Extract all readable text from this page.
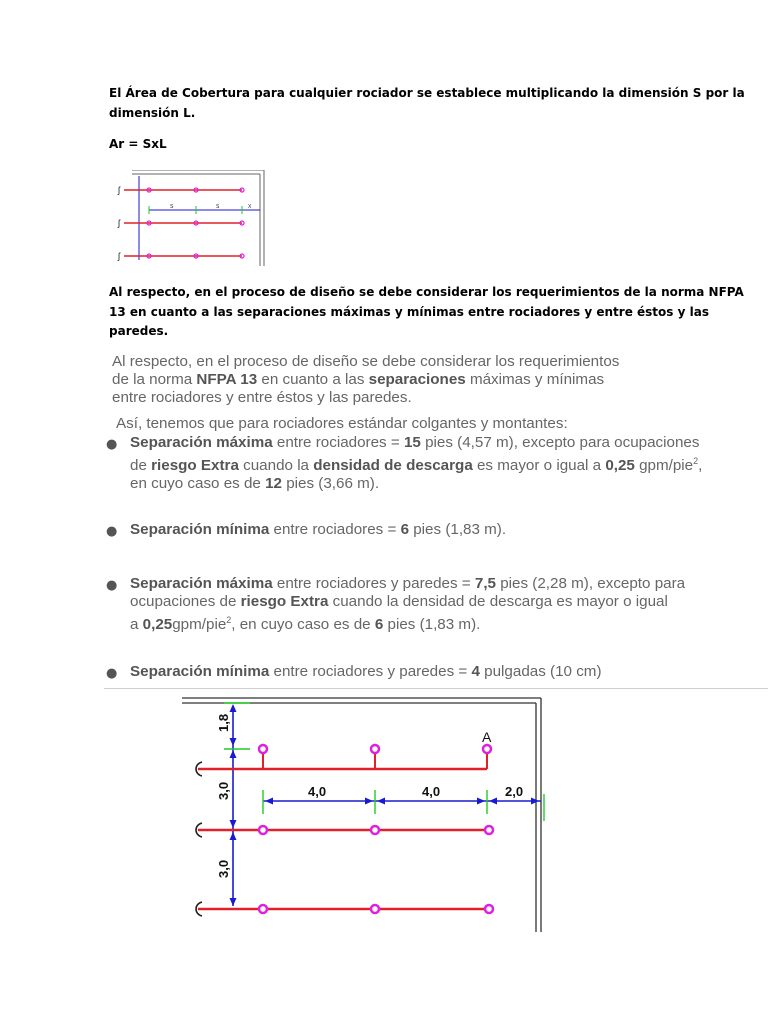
El Área de Cobertura para cualquier rociador se establece multiplicando la dimensión S por la
dimensión L.

Ar = SxL

ʃ
ʃ
ʃ
S	S	X

Al respecto, en el proceso de diseño se debe considerar los requerimientos de la norma NFPA
13 en cuanto a las separaciones máximas y mínimas entre rociadores y entre éstos y las
paredes.

Al respecto, en el proceso de diseño se debe considerar los requerimientos
de la norma NFPA 13 en cuanto a las separaciones máximas y mínimas
entre rociadores y entre éstos y las paredes.

Así, tenemos que para rociadores estándar colgantes y montantes:

● Separación máxima entre rociadores = 15 pies (4,57 m), excepto para ocupaciones
de riesgo Extra cuando la densidad de descarga es mayor o igual a 0,25 gpm/pie$^2$,
en cuyo caso es de 12 pies (3,66 m).

● Separación mínima entre rociadores = 6 pies (1,83 m).

● Separación máxima entre rociadores y paredes = 7,5 pies (2,28 m), excepto para
ocupaciones de riesgo Extra cuando la densidad de descarga es mayor o igual
a 0,25gpm/pie$^2$, en cuyo caso es de 6 pies (1,83 m).

● Separación mínima entre rociadores y paredes = 4 pulgadas (10 cm)

1,8
3,0
3,0
A
4,0	4,0	2,0
